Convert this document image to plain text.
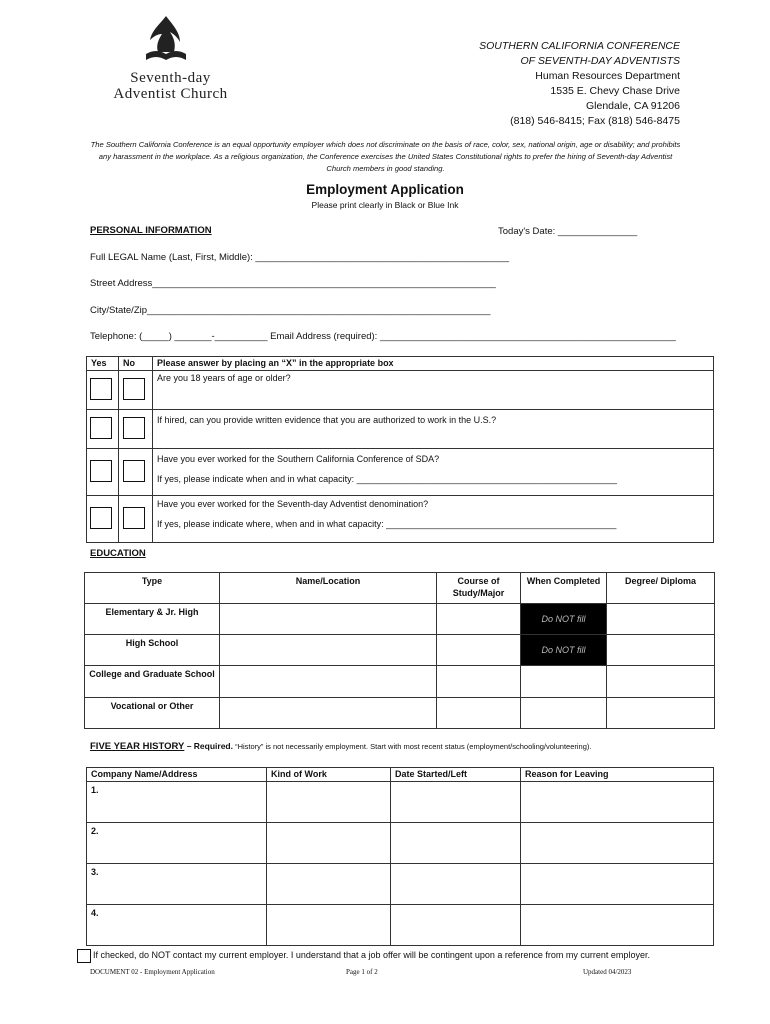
Seventh-day
Adventist Church
SOUTHERN CALIFORNIA CONFERENCE
OF SEVENTH-DAY ADVENTISTS
Human Resources Department
1535 E. Chevy Chase Drive
Glendale, CA 91206
(818) 546-8415; Fax (818) 546-8475
The Southern California Conference is an equal opportunity employer which does not discriminate on the basis of race, color, sex, national origin, age or disability; and prohibits any harassment in the workplace. As a religious organization, the Conference exercises the United States Constitutional rights to prefer the hiring of Seventh-day Adventist Church members in good standing.
Employment Application
Please print clearly in Black or Blue Ink
PERSONAL INFORMATION	Today's Date: _______________
Full LEGAL Name (Last, First, Middle): ________________________________________________
Street Address_________________________________________________________________
City/State/Zip_________________________________________________________________
Telephone: (_____) _______-__________ Email Address (required): ________________________________________________________
Yes	No	Please answer by placing an “X” in the appropriate box

		Are you 18 years of age or older?

		If hired, can you provide written evidence that you are authorized to work in the U.S.?

		Have you ever worked for the Southern California Conference of SDA?
If yes, please indicate when and in what capacity: ____________________________________________________

		Have you ever worked for the Seventh-day Adventist denomination?
If yes, please indicate where, when and in what capacity: ______________________________________________
EDUCATION
Type	Name/Location	Course of Study/Major	When Completed	Degree/ Diploma
Elementary & Jr. High			Do NOT fill	
High School			Do NOT fill	
College and Graduate School				
Vocational or Other				
FIVE YEAR HISTORY – Required. “History” is not necessarily employment. Start with most recent status (employment/schooling/volunteering).
Company Name/Address	Kind of Work	Date Started/Left	Reason for Leaving
1.			
2.			
3.			
4.			
If checked, do NOT contact my current employer. I understand that a job offer will be contingent upon a reference from my current employer.
DOCUMENT 02 - Employment Application	Page 1 of 2	Updated 04/2023
